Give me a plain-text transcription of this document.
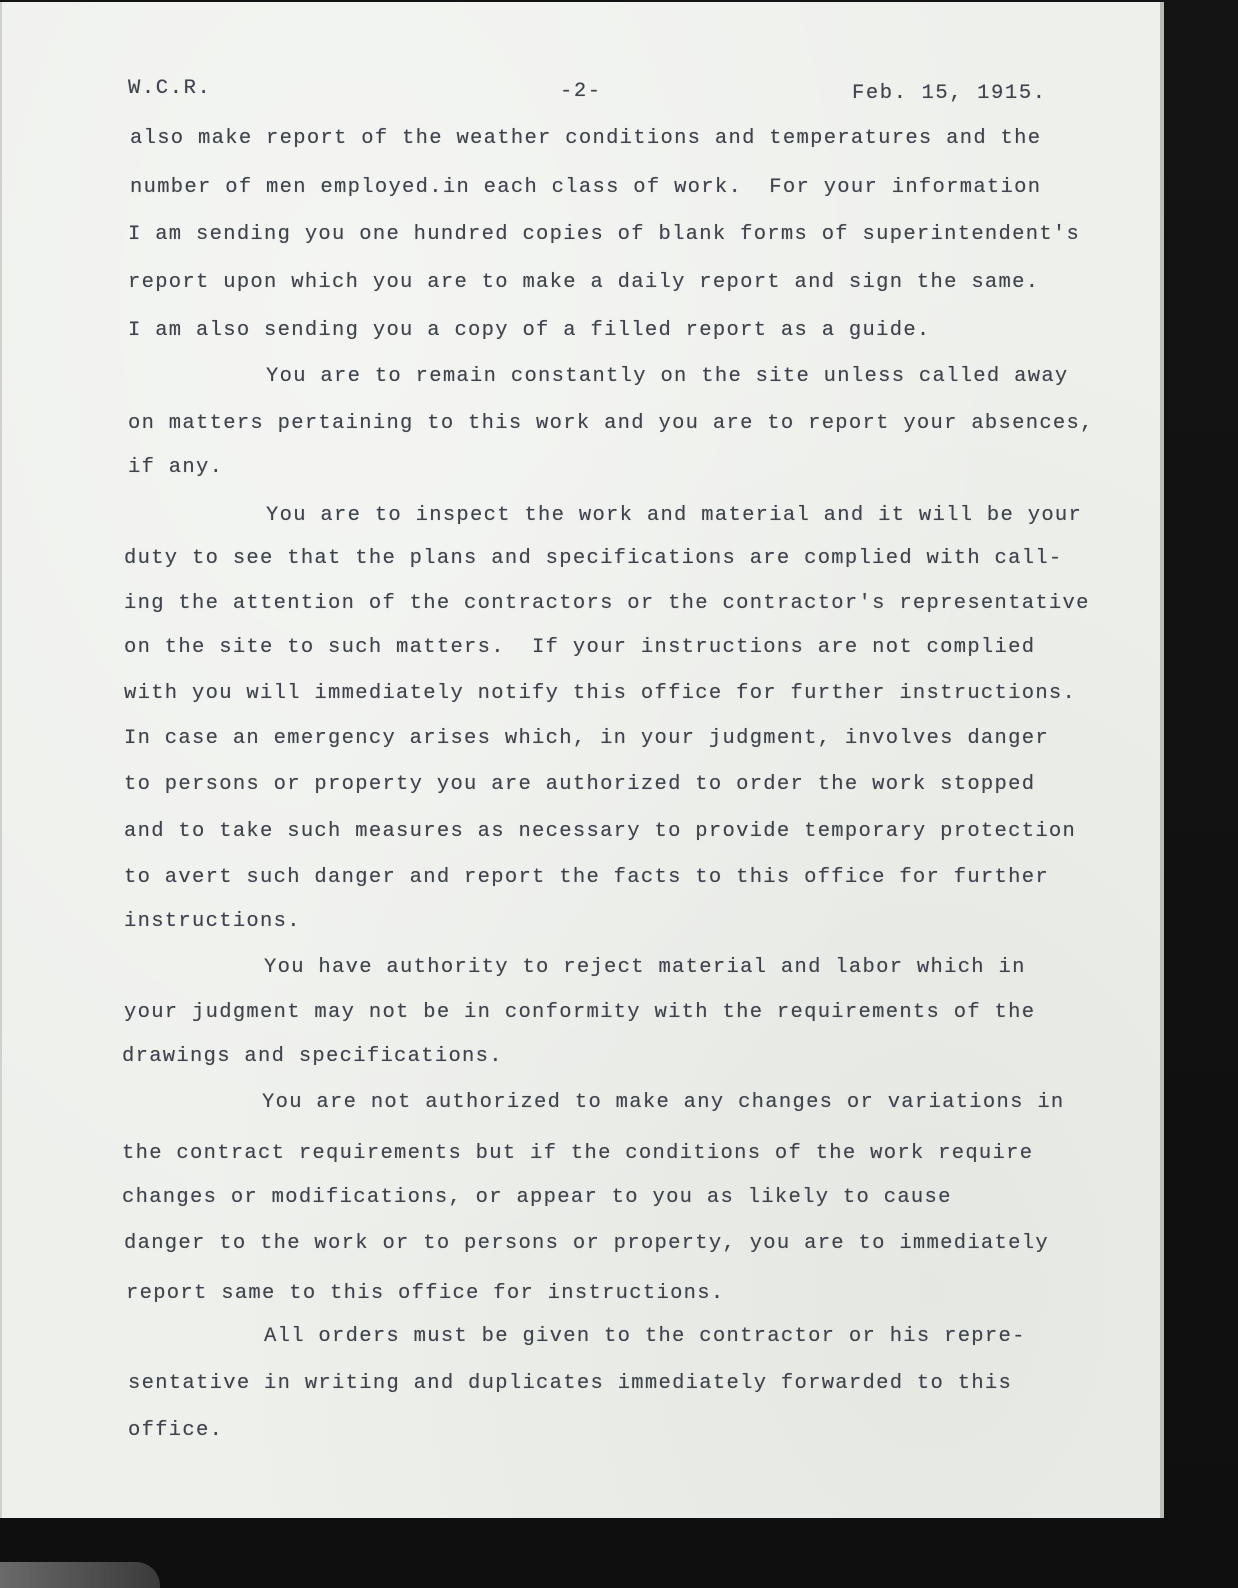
W.C.R.	-2-	Feb. 15, 1915.
also make report of the weather conditions and temperatures and the
number of men employed.in each class of work.  For your information
I am sending you one hundred copies of blank forms of superintendent's
report upon which you are to make a daily report and sign the same.
I am also sending you a copy of a filled report as a guide.
You are to remain constantly on the site unless called away
on matters pertaining to this work and you are to report your absences,
if any.
You are to inspect the work and material and it will be your
duty to see that the plans and specifications are complied with call-
ing the attention of the contractors or the contractor's representative
on the site to such matters.  If your instructions are not complied
with you will immediately notify this office for further instructions.
In case an emergency arises which, in your judgment, involves danger
to persons or property you are authorized to order the work stopped
and to take such measures as necessary to provide temporary protection
to avert such danger and report the facts to this office for further
instructions.
You have authority to reject material and labor which in
your judgment may not be in conformity with the requirements of the
drawings and specifications.
You are not authorized to make any changes or variations in
the contract requirements but if the conditions of the work require
changes or modifications, or appear to you as likely to cause
danger to the work or to persons or property, you are to immediately
report same to this office for instructions.
All orders must be given to the contractor or his repre-
sentative in writing and duplicates immediately forwarded to this
office.
